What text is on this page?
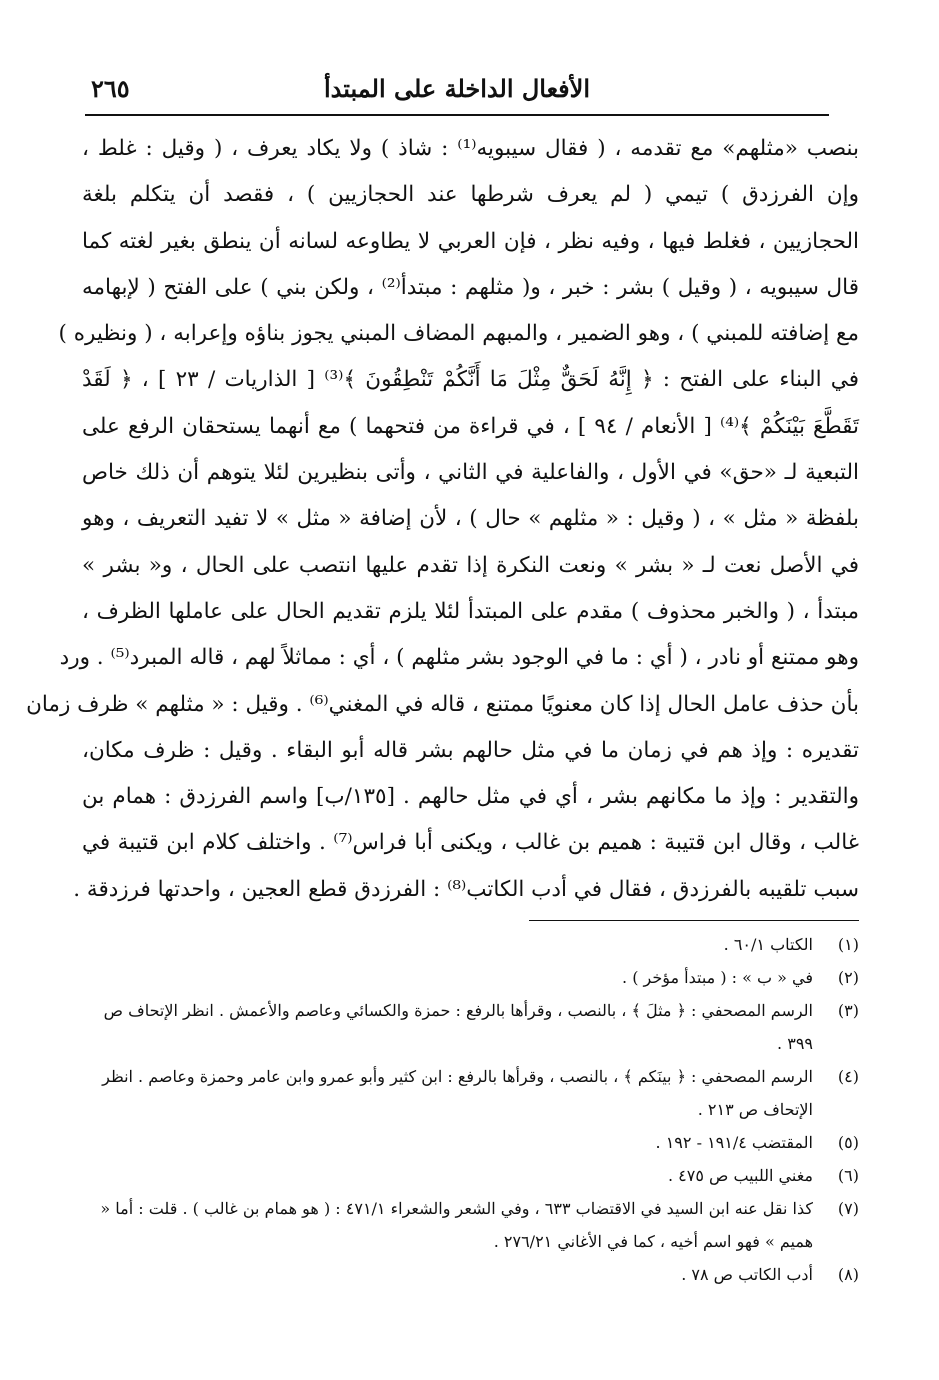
الأفعال الداخلة على المبتدأ
٢٦٥
بنصب «مثلهم» مع تقدمه ، ( فقال سيبويه⁽¹⁾ : شاذ ) ولا يكاد يعرف ، ( وقيل : غلط ،
وإن الفرزدق ) تيمي ( لم يعرف شرطها عند الحجازيين ) ، فقصد أن يتكلم بلغة
الحجازيين ، فغلط فيها ، وفيه نظر ، فإن العربي لا يطاوعه لسانه أن ينطق بغير لغته كما
قال سيبويه ، ( وقيل ) بشر : خبر ، و( مثلهم : مبتدأ⁽²⁾ ، ولكن بني ) على الفتح ( لإبهامه
مع إضافته للمبني ) ، وهو الضمير ، والمبهم المضاف المبني يجوز بناؤه وإعرابه ، ( ونظيره )
في البناء على الفتح : ﴿ إِنَّهُ لَحَقٌّ مِثْلَ مَا أَنَّكُمْ تَنْطِقُونَ ﴾⁽³⁾ [ الذاريات / ٢٣ ] ، ﴿ لَقَدْ
تَقَطَّعَ بَيْنَكُمْ ﴾⁽⁴⁾ [ الأنعام / ٩٤ ] ، في قراءة من فتحهما ) مع أنهما يستحقان الرفع على
التبعية لـ «حق» في الأول ، والفاعلية في الثاني ، وأتى بنظيرين لئلا يتوهم أن ذلك خاص
بلفظة « مثل » ، ( وقيل : « مثلهم » حال ) ، لأن إضافة « مثل » لا تفيد التعريف ، وهو
في الأصل نعت لـ « بشر » ونعت النكرة إذا تقدم عليها انتصب على الحال ، و« بشر »
مبتدأ ، ( والخبر محذوف ) مقدم على المبتدأ لئلا يلزم تقديم الحال على عاملها الظرف ،
وهو ممتنع أو نادر ، ( أي : ما في الوجود بشر مثلهم ) ، أي : مماثلاً لهم ، قاله المبرد⁽⁵⁾ . ورد
بأن حذف عامل الحال إذا كان معنويًا ممتنع ، قاله في المغني⁽⁶⁾ . وقيل : « مثلهم » ظرف زمان
تقديره : وإذ هم في زمان ما في مثل حالهم بشر قاله أبو البقاء . وقيل : ظرف مكان،
والتقدير : وإذ ما مكانهم بشر ، أي في مثل حالهم . [١٣٥/ب] واسم الفرزدق : همام بن
غالب ، وقال ابن قتيبة : هميم بن غالب ، ويكنى أبا فراس⁽⁷⁾ . واختلف كلام ابن قتيبة في
سبب تلقيبه بالفرزدق ، فقال في أدب الكاتب⁽⁸⁾ : الفرزدق قطع العجين ، واحدتها فرزدقة .
(١)
الكتاب ٦٠/١ .
(٢)
في « ب » : ( مبتدأ مؤخر ) .
(٣)
الرسم المصحفي : ﴿ مثلَ ﴾ ، بالنصب ، وقرأها بالرفع : حمزة والكسائي وعاصم والأعمش . انظر الإتحاف ص ٣٩٩ .
(٤)
الرسم المصحفي : ﴿ بينَكم ﴾ ، بالنصب ، وقرأها بالرفع : ابن كثير وأبو عمرو وابن عامر وحمزة وعاصم . انظر الإتحاف ص ٢١٣ .
(٥)
المقتضب ١٩١/٤ - ١٩٢ .
(٦)
مغني اللبيب ص ٤٧٥ .
(٧)
كذا نقل عنه ابن السيد في الاقتضاب ٦٣٣ ، وفي الشعر والشعراء ٤٧١/١ : ( هو همام بن غالب ) . قلت : أما « هميم » فهو اسم أخيه ، كما في الأغاني ٢٧٦/٢١ .
(٨)
أدب الكاتب ص ٧٨ .
